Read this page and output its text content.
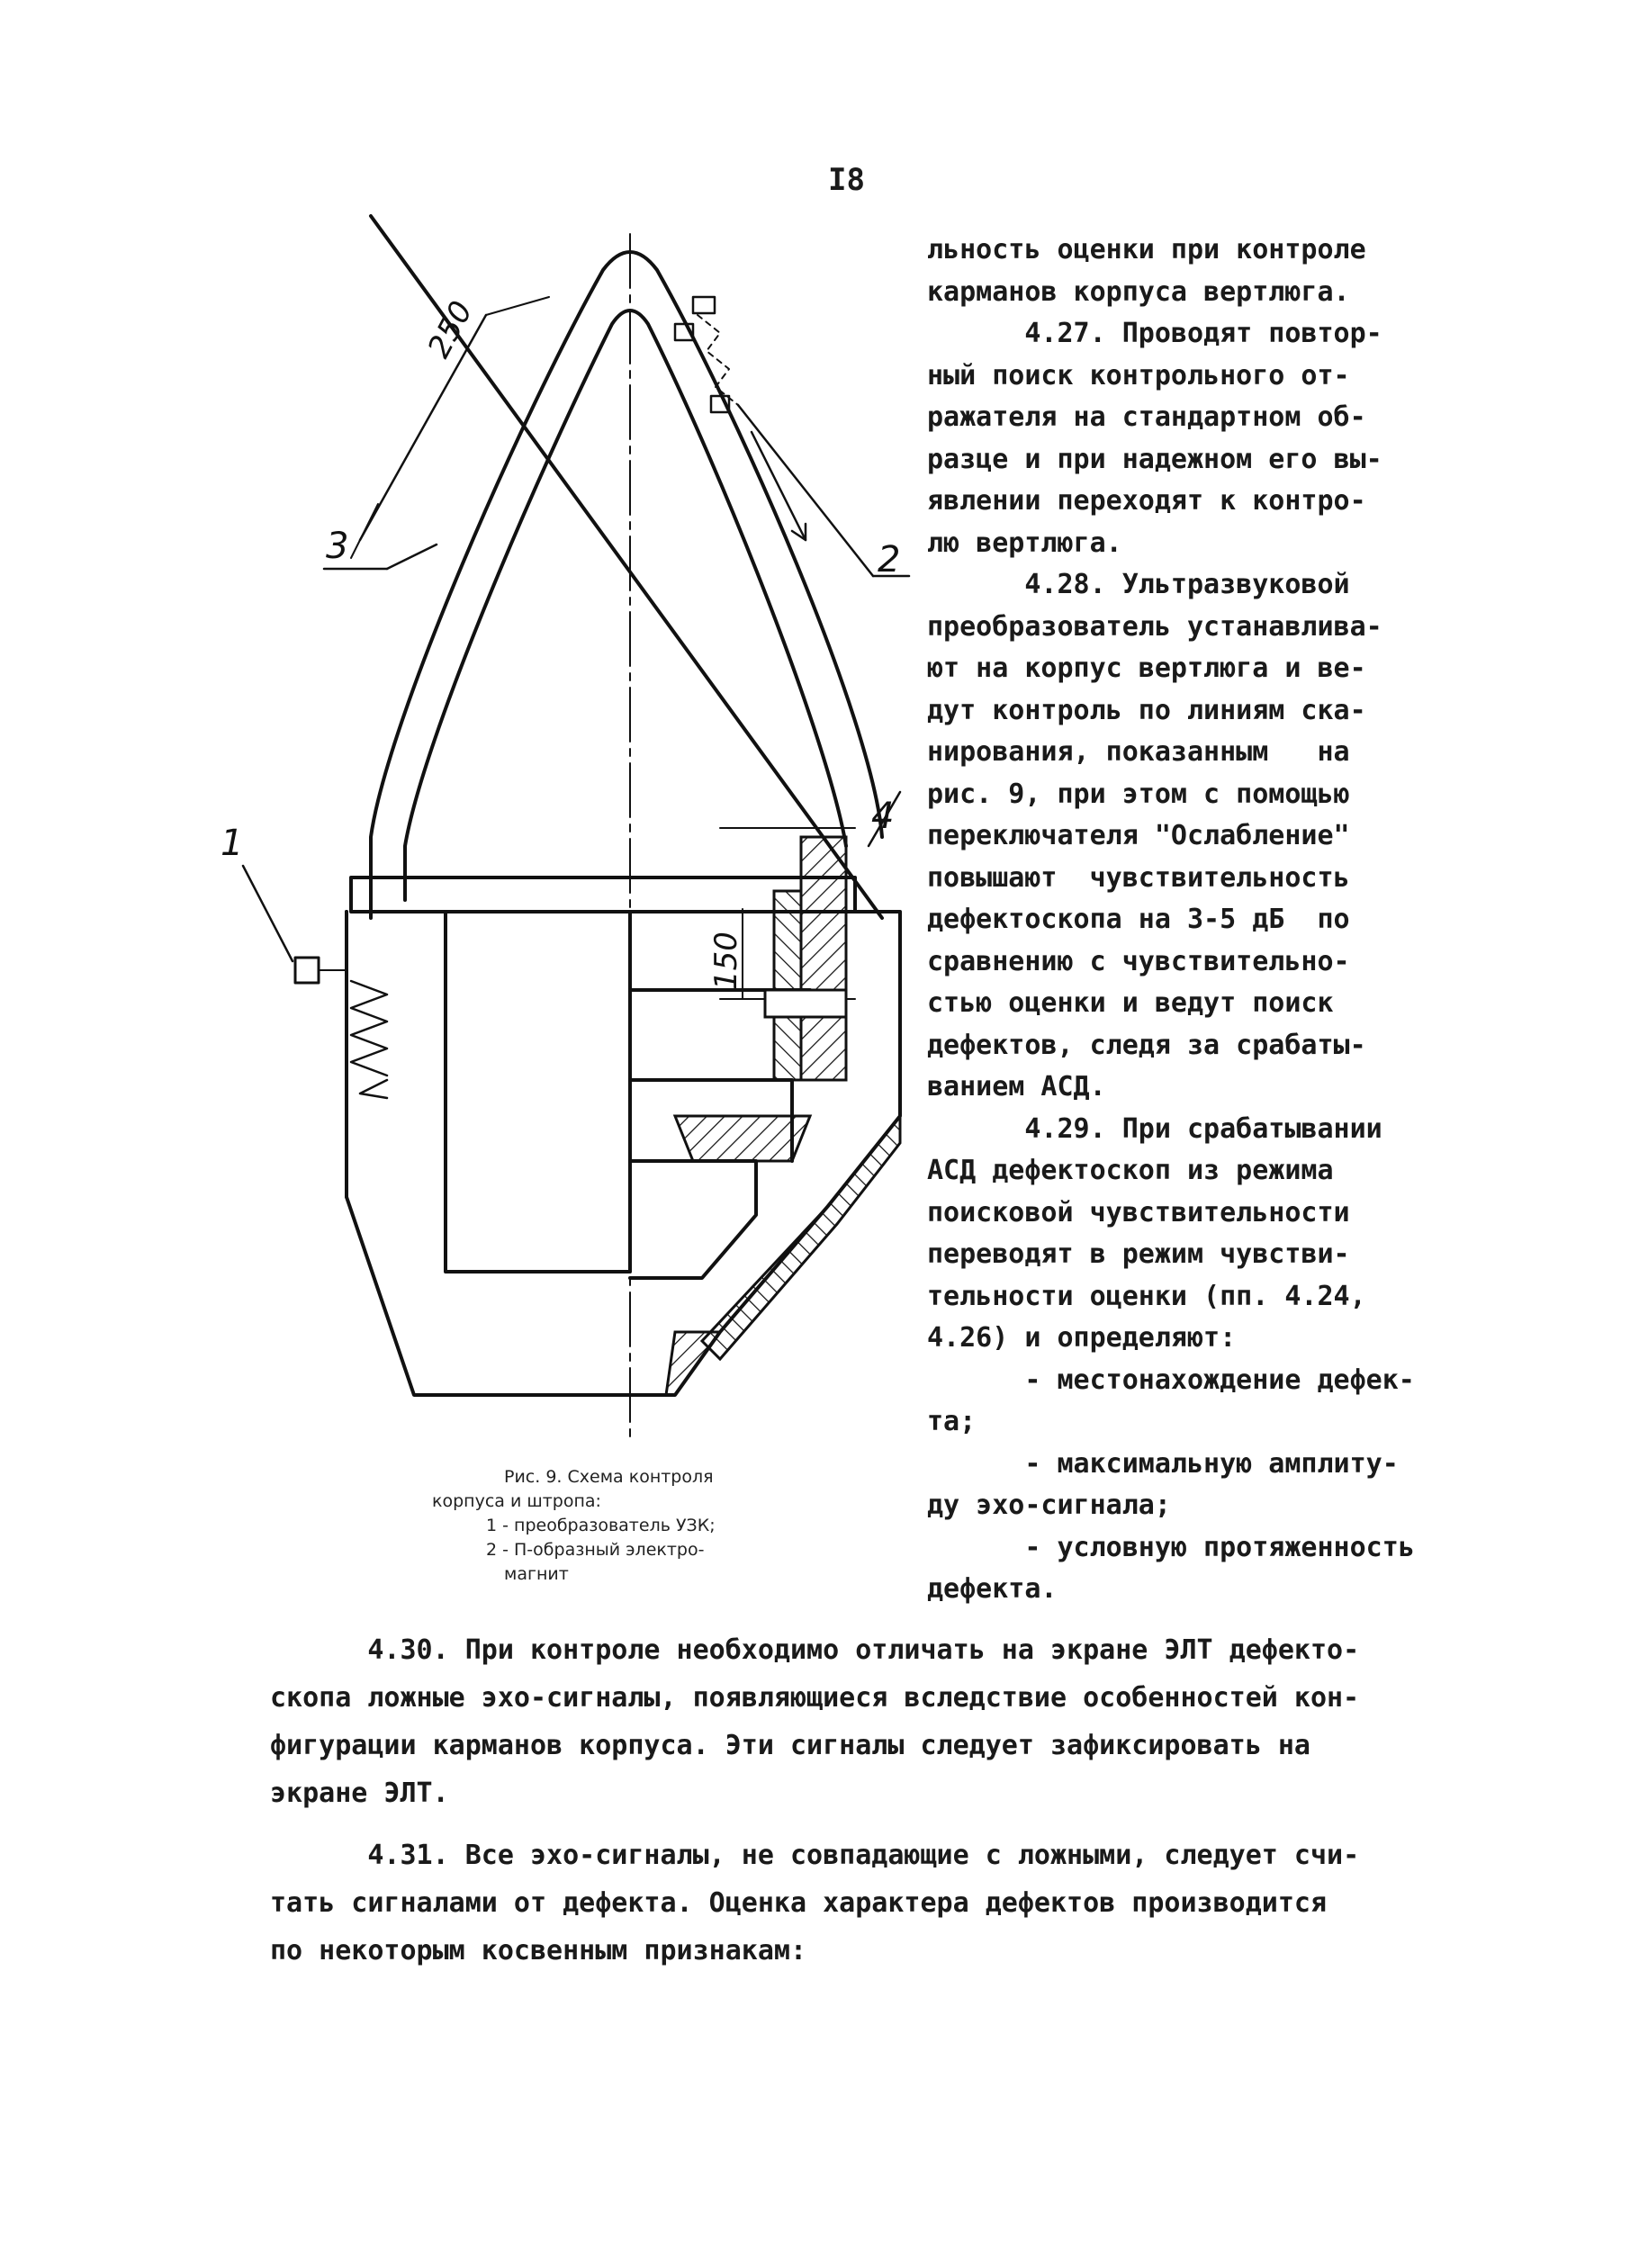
I8
1
3	2
4
250
150
Рис. 9. Схема контроля
корпуса и штропа:
1 - преобразователь УЗК;
2 - П-образный электро-
магнит

льность оценки при контроле

карманов корпуса вертлюга.

4.27. Проводят повтор-

ный поиск контрольного от-

ражателя на стандартном об-

разце и при надежном его вы-

явлении переходят к контро-

лю вертлюга.

4.28. Ультразвуковой

преобразователь устанавлива-

ют на корпус вертлюга и ве-

дут контроль по линиям ска-

нирования, показанным   на

рис. 9, при этом с помощью

переключателя "Ослабление"

повышают  чувствительность

дефектоскопа на 3-5 дБ  по

сравнению с чувствительно-

стью оценки и ведут поиск

дефектов, следя за срабаты-

ванием АСД.

4.29. При срабатывании

АСД дефектоскоп из режима

поисковой чувствительности

переводят в режим чувстви-

тельности оценки (пп. 4.24,

4.26) и определяют:

- местонахождение дефек-

та;

- максимальную амплиту-

ду эхо-сигнала;

- условную протяженность

дефекта.

4.30. При контроле необходимо отличать на экране ЭЛТ дефекто-

скопа ложные эхо-сигналы, появляющиеся вследствие особенностей кон-

фигурации карманов корпуса. Эти сигналы следует зафиксировать на

экране ЭЛТ.

4.31. Все эхо-сигналы, не совпадающие с ложными, следует счи-

тать сигналами от дефекта. Оценка характера дефектов производится

по некоторым косвенным признакам:
